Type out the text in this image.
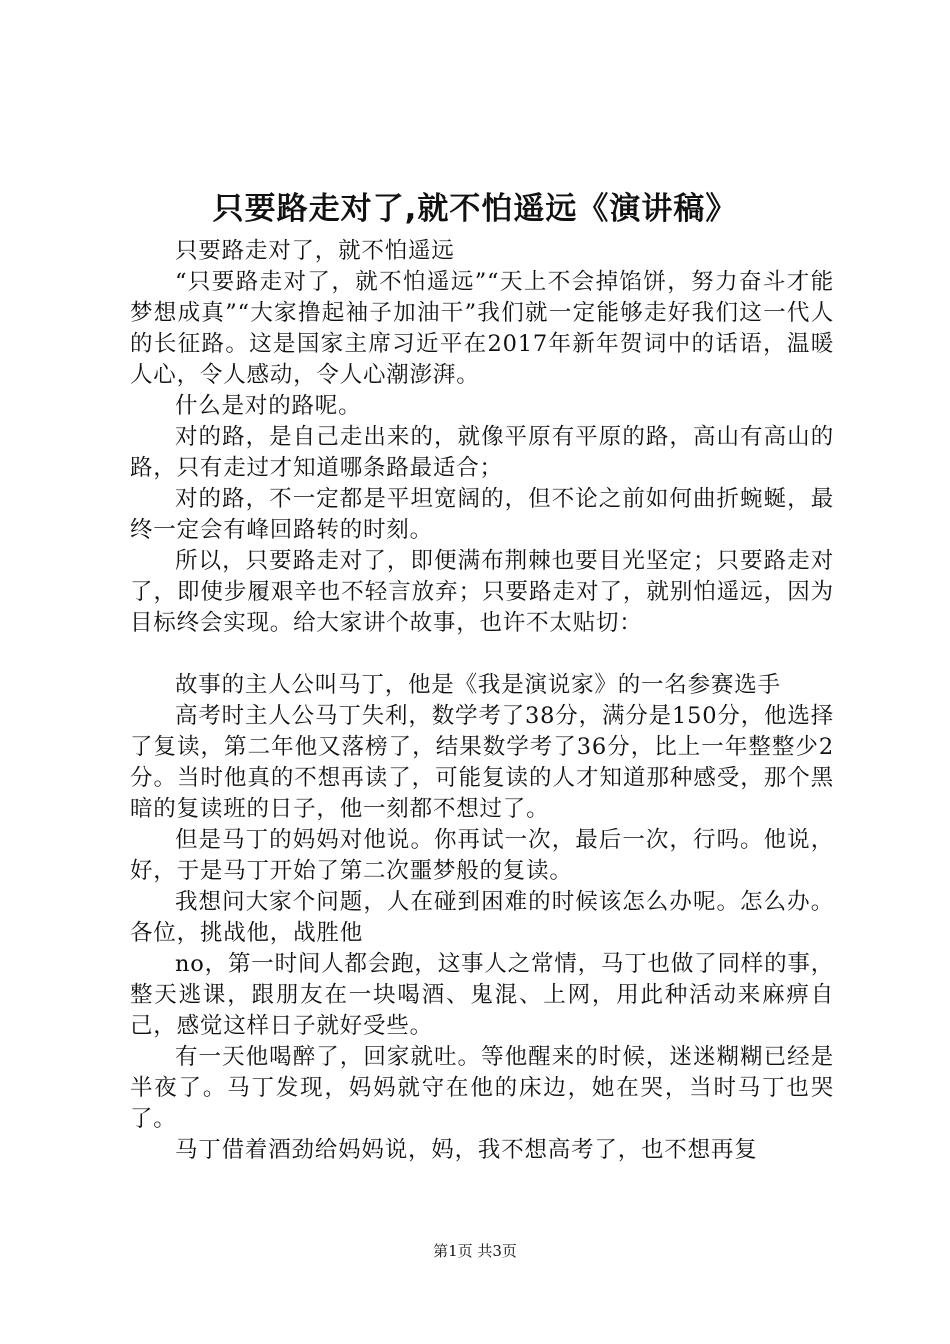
只要路走对了,就不怕遥远《演讲稿》

只要路走对了，就不怕遥远

“只要路走对了，就不怕遥远”“天上不会掉馅饼，努力奋斗才能梦想成真”“大家撸起袖子加油干”我们就一定能够走好我们这一代人的长征路。这是国家主席习近平在2017年新年贺词中的话语，温暖人心，令人感动，令人心潮澎湃。

什么是对的路呢。

对的路，是自己走出来的，就像平原有平原的路，高山有高山的路，只有走过才知道哪条路最适合；

对的路，不一定都是平坦宽阔的，但不论之前如何曲折蜿蜒，最终一定会有峰回路转的时刻。

所以，只要路走对了，即便满布荆棘也要目光坚定；只要路走对了，即使步履艰辛也不轻言放弃；只要路走对了，就别怕遥远，因为目标终会实现。给大家讲个故事，也许不太贴切：

故事的主人公叫马丁，他是《我是演说家》的一名参赛选手

高考时主人公马丁失利，数学考了38分，满分是150分，他选择了复读，第二年他又落榜了，结果数学考了36分，比上一年整整少2分。当时他真的不想再读了，可能复读的人才知道那种感受，那个黑暗的复读班的日子，他一刻都不想过了。

但是马丁的妈妈对他说。你再试一次，最后一次，行吗。他说，好，于是马丁开始了第二次噩梦般的复读。

我想问大家个问题，人在碰到困难的时候该怎么办呢。怎么办。各位，挑战他，战胜他

no，第一时间人都会跑，这事人之常情，马丁也做了同样的事，整天逃课，跟朋友在一块喝酒、鬼混、上网，用此种活动来麻痹自己，感觉这样日子就好受些。

有一天他喝醉了，回家就吐。等他醒来的时候，迷迷糊糊已经是半夜了。马丁发现，妈妈就守在他的床边，她在哭，当时马丁也哭了。

马丁借着酒劲给妈妈说，妈，我不想高考了，也不想再复

第1页 共3页
